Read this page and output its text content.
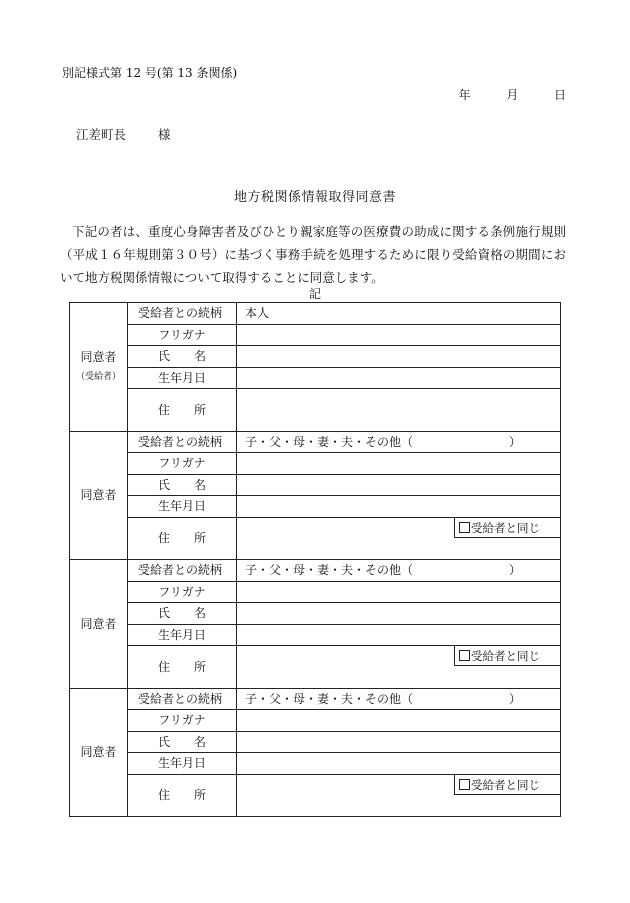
別記様式第 12 号(第 13 条関係)
年	月	日
江差町長	様
地方税関係情報取得同意書
下記の者は、重度心身障害者及びひとり親家庭等の医療費の助成に関する条例施行規則（平成１６年規則第３０号）に基づく事務手続を処理するために限り受給資格の期間において地方税関係情報について取得することに同意します。
記
同意者
（受給者）	受給者との続柄	本人
	フリガナ	
	氏　　名	
	生年月日	
	住　　所	
同意者	受給者との続柄	子・父・母・妻・夫・その他（　　　　　　　　）
	フリガナ	
	氏　　名	
	生年月日	
	住　　所	受給者と同じ

同意者	受給者との続柄	子・父・母・妻・夫・その他（　　　　　　　　）
	フリガナ	
	氏　　名	
	生年月日	
	住　　所	受給者と同じ

同意者	受給者との続柄	子・父・母・妻・夫・その他（　　　　　　　　）
	フリガナ	
	氏　　名	
	生年月日	
	住　　所	受給者と同じ
